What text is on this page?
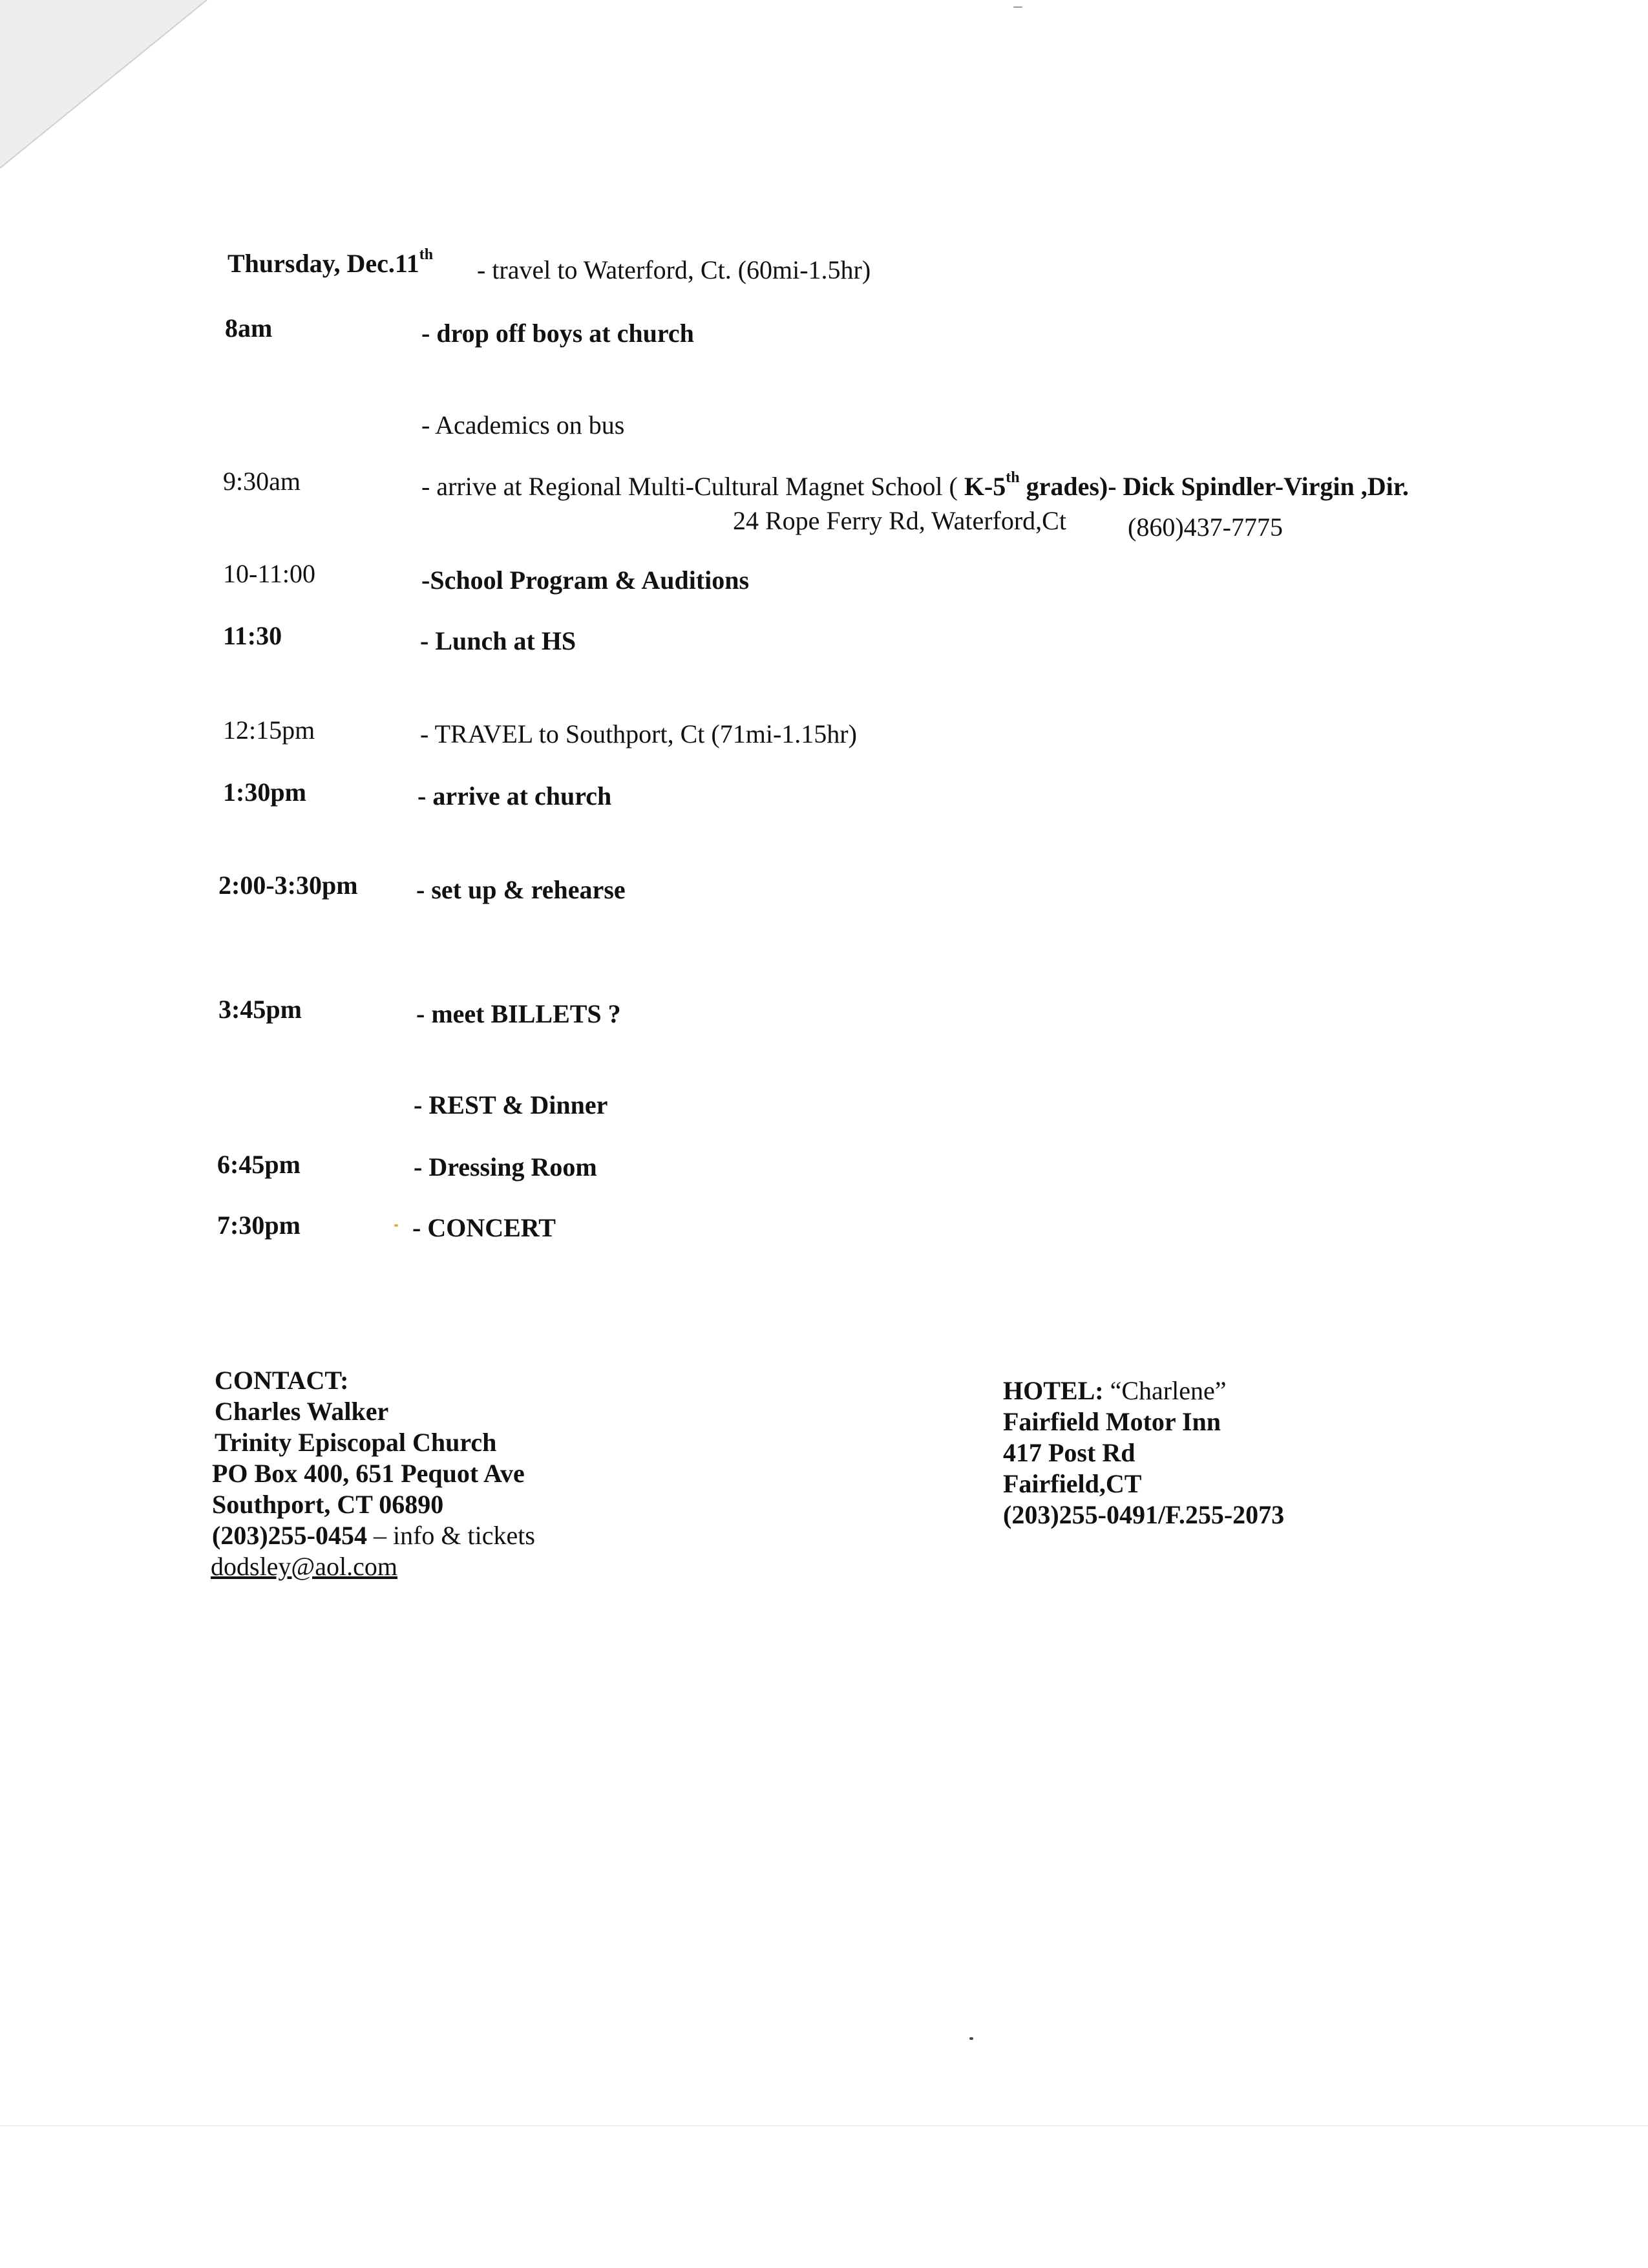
Thursday, Dec.11th
- travel to Waterford, Ct. (60mi-1.5hr)
8am	- drop off boys at church
- Academics on bus
9:30am	- arrive at Regional Multi-Cultural Magnet School ( K-5th grades)- Dick Spindler-Virgin ,Dir.
24 Rope Ferry Rd, Waterford,Ct (860)437-7775
10-11:00	-School Program & Auditions
11:30	- Lunch at HS
12:15pm	- TRAVEL to Southport, Ct (71mi-1.15hr)
1:30pm	- arrive at church
2:00-3:30pm - set up & rehearse
3:45pm	- meet BILLETS ?
- REST & Dinner
6:45pm	- Dressing Room
7:30pm	- CONCERT
CONTACT:
Charles Walker
Trinity Episcopal Church
PO Box 400, 651 Pequot Ave
Southport, CT 06890
(203)255-0454 – info & tickets
dodsley@aol.com
HOTEL: “Charlene”
Fairfield Motor Inn
417 Post Rd
Fairfield,CT
(203)255-0491/F.255-2073
